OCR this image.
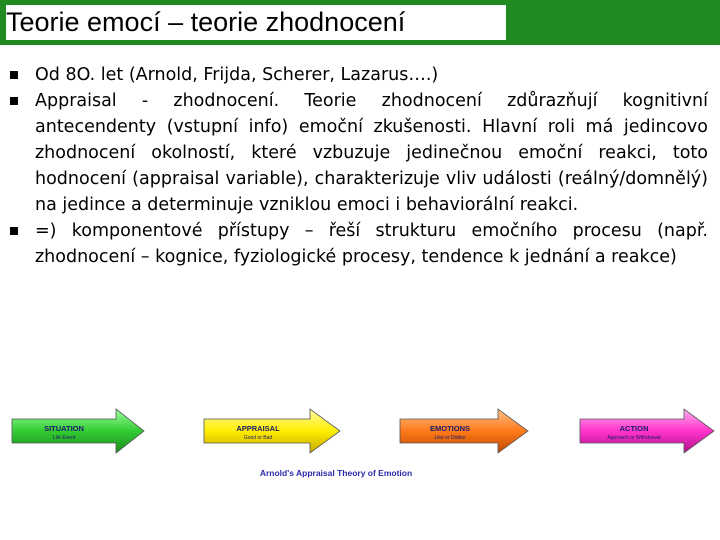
Teorie emocí – teorie zhodnocení
Od 8O. let (Arnold, Frijda, Scherer, Lazarus….)
Appraisal - zhodnocení. Teorie zhodnocení zdůrazňují kognitivní antecendenty (vstupní info) emoční zkušenosti. Hlavní roli má jedincovo zhodnocení okolností, které vzbuzuje jedinečnou emoční reakci, toto hodnocení (appraisal variable), charakterizuje vliv události (reálný/domnělý) na jedince a determinuje vzniklou emoci i behaviorální reakci.
=) komponentové přístupy – řeší strukturu emočního procesu (např. zhodnocení – kognice, fyziologické procesy, tendence k jednání a reakce)
SITUATION
Life Event
APPRAISAL
Good or Bad
EMOTIONS
Like or Dislike
ACTION
Approach or Withdrawal
Arnold's Appraisal Theory of Emotion
